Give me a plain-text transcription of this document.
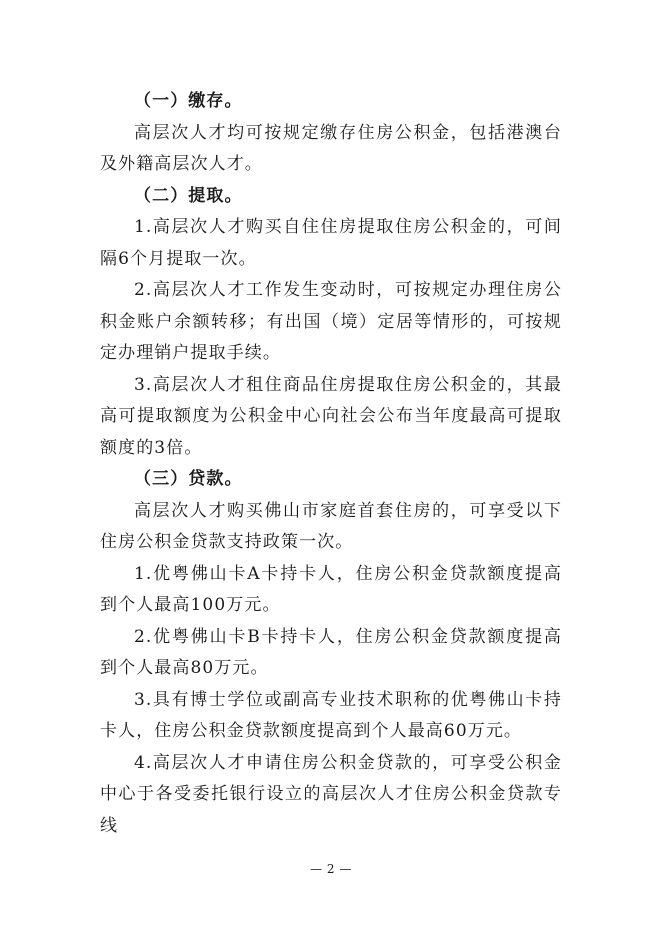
（一）缴存。

高层次人才均可按规定缴存住房公积金，包括港澳台及外籍高层次人才。

（二）提取。

1.高层次人才购买自住住房提取住房公积金的，可间隔6个月提取一次。

2.高层次人才工作发生变动时，可按规定办理住房公积金账户余额转移；有出国（境）定居等情形的，可按规定办理销户提取手续。

3.高层次人才租住商品住房提取住房公积金的，其最高可提取额度为公积金中心向社会公布当年度最高可提取额度的3倍。

（三）贷款。

高层次人才购买佛山市家庭首套住房的，可享受以下住房公积金贷款支持政策一次。

1.优粤佛山卡A卡持卡人，住房公积金贷款额度提高到个人最高100万元。

2.优粤佛山卡B卡持卡人，住房公积金贷款额度提高到个人最高80万元。

3.具有博士学位或副高专业技术职称的优粤佛山卡持卡人，住房公积金贷款额度提高到个人最高60万元。

4.高层次人才申请住房公积金贷款的，可享受公积金中心于各受委托银行设立的高层次人才住房公积金贷款专线

— 2 —
